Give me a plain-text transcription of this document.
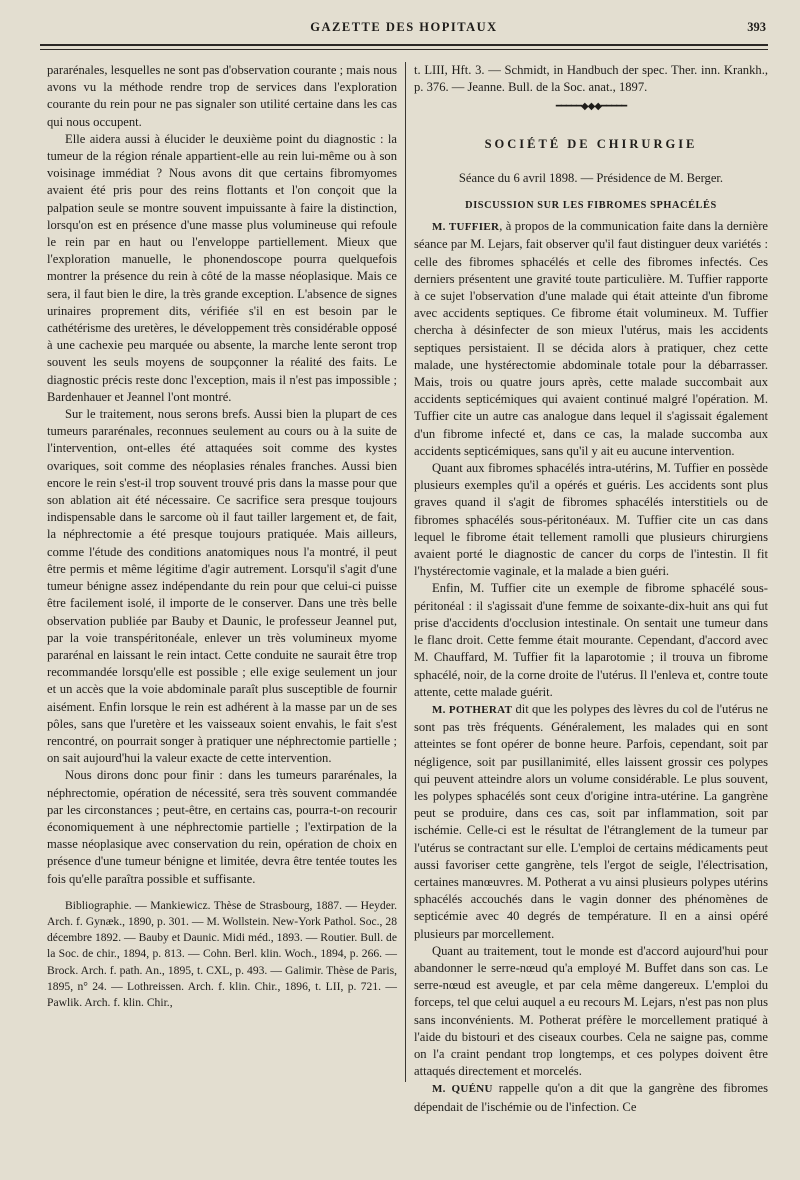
GAZETTE DES HOPITAUX	393

pararénales, lesquelles ne sont pas d'observation courante ; mais nous avons vu la méthode rendre trop de services dans l'exploration courante du rein pour ne pas signaler son utilité certaine dans les cas qui nous occupent.

Elle aidera aussi à élucider le deuxième point du diagnostic : la tumeur de la région rénale appartient-elle au rein lui-même ou à son voisinage immédiat ? Nous avons dit que certains fibromyomes avaient été pris pour des reins flottants et l'on conçoit que la palpation seule se montre souvent impuissante à faire la distinction, lorsqu'on est en présence d'une masse plus volumineuse qui refoule le rein par en haut ou l'enveloppe partiellement. Mieux que l'exploration manuelle, le phonendoscope pourra quelquefois montrer la présence du rein à côté de la masse néoplasique. Mais ce sera, il faut bien le dire, la très grande exception. L'absence de signes urinaires proprement dits, vérifiée s'il en est besoin par le cathétérisme des uretères, le développement très considérable opposé à une cachexie peu marquée ou absente, la marche lente seront trop souvent les seuls moyens de soupçonner la réalité des faits. Le diagnostic précis reste donc l'exception, mais il n'est pas impossible ; Bardenhauer et Jeannel l'ont montré.

Sur le traitement, nous serons brefs. Aussi bien la plupart de ces tumeurs pararénales, reconnues seulement au cours ou à la suite de l'intervention, ont-elles été attaquées soit comme des kystes ovariques, soit comme des néoplasies rénales franches. Aussi bien encore le rein s'est-il trop souvent trouvé pris dans la masse pour que son ablation ait été nécessaire. Ce sacrifice sera presque toujours indispensable dans le sarcome où il faut tailler largement et, de fait, la néphrectomie a été presque toujours pratiquée. Mais ailleurs, comme l'étude des conditions anatomiques nous l'a montré, il peut être permis et même légitime d'agir autrement. Lorsqu'il s'agit d'une tumeur bénigne assez indépendante du rein pour que celui-ci puisse être facilement isolé, il importe de le conserver. Dans une très belle observation publiée par Bauby et Daunic, le professeur Jeannel put, par la voie transpéritonéale, enlever un très volumineux myome pararénal en laissant le rein intact. Cette conduite ne saurait être trop recommandée lorsqu'elle est possible ; elle exige seulement un jour et un accès que la voie abdominale paraît plus susceptible de fournir aisément. Enfin lorsque le rein est adhérent à la masse par un de ses pôles, sans que l'uretère et les vaisseaux soient envahis, le fait s'est rencontré, on pourrait songer à pratiquer une néphrectomie partielle ; on sait aujourd'hui la valeur exacte de cette intervention.

Nous dirons donc pour finir : dans les tumeurs pararénales, la néphrectomie, opération de nécessité, sera très souvent commandée par les circonstances ; peut-être, en certains cas, pourra-t-on recourir économiquement à une néphrectomie partielle ; l'extirpation de la masse néoplasique avec conservation du rein, opération de choix en présence d'une tumeur bénigne et limitée, devra être tentée toutes les fois qu'elle paraîtra possible et suffisante.

Bibliographie. — Mankiewicz. Thèse de Strasbourg, 1887. — Heyder. Arch. f. Gynæk., 1890, p. 301. — M. Wollstein. New-York Pathol. Soc., 28 décembre 1892. — Bauby et Daunic. Midi méd., 1893. — Routier. Bull. de la Soc. de chir., 1894, p. 813. — Cohn. Berl. klin. Woch., 1894, p. 266. — Brock. Arch. f. path. An., 1895, t. CXL, p. 493. — Galimir. Thèse de Paris, 1895, n° 24. — Lothreissen. Arch. f. klin. Chir., 1896, t. LII, p. 721. — Pawlik. Arch. f. klin. Chir.,

t. LIII, Hft. 3. — Schmidt, in Handbuch der spec. Ther. inn. Krankh., p. 376. — Jeanne. Bull. de la Soc. anat., 1897.

━━━━━◆◆◆━━━━━
SOCIÉTÉ DE CHIRURGIE
Séance du 6 avril 1898. — Présidence de M. Berger.
DISCUSSION SUR LES FIBROMES SPHACÉLÉS

M. TUFFIER, à propos de la communication faite dans la dernière séance par M. Lejars, fait observer qu'il faut distinguer deux variétés : celle des fibromes sphacélés et celle des fibromes infectés. Ces derniers présentent une gravité toute particulière. M. Tuffier rapporte à ce sujet l'observation d'une malade qui était atteinte d'un fibrome avec accidents septiques. Ce fibrome était volumineux. M. Tuffier chercha à désinfecter de son mieux l'utérus, mais les accidents septiques persistaient. Il se décida alors à pratiquer, chez cette malade, une hystérectomie abdominale totale pour la débarrasser. Mais, trois ou quatre jours après, cette malade succombait aux accidents septicémiques qui avaient continué malgré l'opération. M. Tuffier cite un autre cas analogue dans lequel il s'agissait également d'un fibrome infecté et, dans ce cas, la malade succomba aux accidents septicémiques, sans qu'il y ait eu aucune intervention.

Quant aux fibromes sphacélés intra-utérins, M. Tuffier en possède plusieurs exemples qu'il a opérés et guéris. Les accidents sont plus graves quand il s'agit de fibromes sphacélés interstitiels ou de fibromes sphacélés sous-péritonéaux. M. Tuffier cite un cas dans lequel le fibrome était tellement ramolli que plusieurs chirurgiens avaient porté le diagnostic de cancer du corps de l'intestin. Il fit l'hystérectomie vaginale, et la malade a bien guéri.

Enfin, M. Tuffier cite un exemple de fibrome sphacélé sous-péritonéal : il s'agissait d'une femme de soixante-dix-huit ans qui fut prise d'accidents d'occlusion intestinale. On sentait une tumeur dans le flanc droit. Cette femme était mourante. Cependant, d'accord avec M. Chauffard, M. Tuffier fit la laparotomie ; il trouva un fibrome sphacélé, noir, de la corne droite de l'utérus. Il l'enleva et, contre toute attente, cette malade guérit.

M. POTHERAT dit que les polypes des lèvres du col de l'utérus ne sont pas très fréquents. Généralement, les malades qui en sont atteintes se font opérer de bonne heure. Parfois, cependant, soit par négligence, soit par pusillanimité, elles laissent grossir ces polypes qui peuvent atteindre alors un volume considérable. Le plus souvent, les polypes sphacélés sont ceux d'origine intra-utérine. La gangrène peut se produire, dans ces cas, soit par inflammation, soit par ischémie. Celle-ci est le résultat de l'étranglement de la tumeur par l'utérus se contractant sur elle. L'emploi de certains médicaments peut aussi favoriser cette gangrène, tels l'ergot de seigle, l'électrisation, certaines manœuvres. M. Potherat a vu ainsi plusieurs polypes utérins sphacélés accouchés dans le vagin donner des phénomènes de septicémie avec 40 degrés de température. Il en a ainsi opéré plusieurs par morcellement.

Quant au traitement, tout le monde est d'accord aujourd'hui pour abandonner le serre-nœud qu'a employé M. Buffet dans son cas. Le serre-nœud est aveugle, et par cela même dangereux. L'emploi du forceps, tel que celui auquel a eu recours M. Lejars, n'est pas non plus sans inconvénients. M. Potherat préfère le morcellement pratiqué à l'aide du bistouri et des ciseaux courbes. Cela ne saigne pas, comme on l'a craint pendant trop longtemps, et ces polypes doivent être attaqués directement et morcelés.

M. QUÉNU rappelle qu'on a dit que la gangrène des fibromes dépendait de l'ischémie ou de l'infection. Ce
